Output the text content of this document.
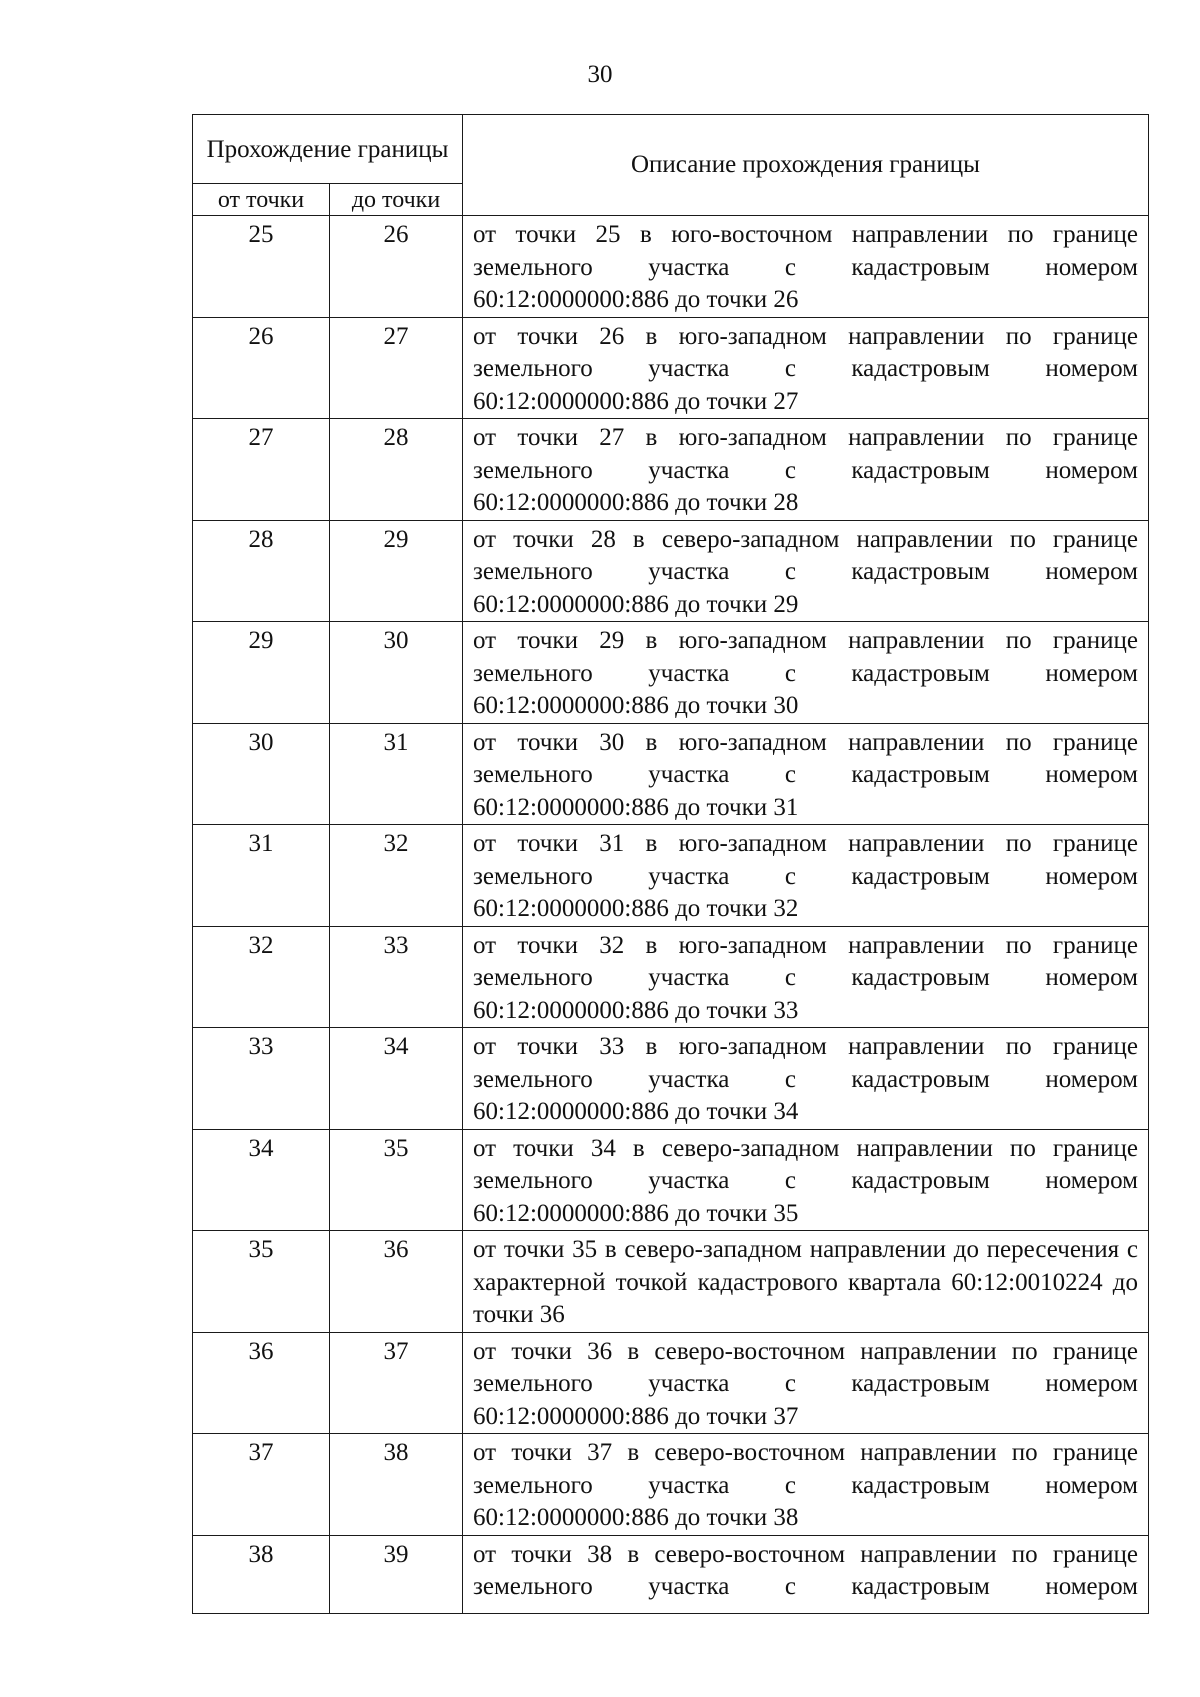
30
Прохождение границы		Описание прохождения границы
от точки	до точки	
25	26	от точки 25 в юго-восточном направлении по границе земельного участка с кадастровым номером 60:12:0000000:886 до точки 26
26	27	от точки 26 в юго-западном направлении по границе земельного участка с кадастровым номером 60:12:0000000:886 до точки 27
27	28	от точки 27 в юго-западном направлении по границе земельного участка с кадастровым номером 60:12:0000000:886 до точки 28
28	29	от точки 28 в северо-западном направлении по границе земельного участка с кадастровым номером 60:12:0000000:886 до точки 29
29	30	от точки 29 в юго-западном направлении по границе земельного участка с кадастровым номером 60:12:0000000:886 до точки 30
30	31	от точки 30 в юго-западном направлении по границе земельного участка с кадастровым номером 60:12:0000000:886 до точки 31
31	32	от точки 31 в юго-западном направлении по границе земельного участка с кадастровым номером 60:12:0000000:886 до точки 32
32	33	от точки 32 в юго-западном направлении по границе земельного участка с кадастровым номером 60:12:0000000:886 до точки 33
33	34	от точки 33 в юго-западном направлении по границе земельного участка с кадастровым номером 60:12:0000000:886 до точки 34
34	35	от точки 34 в северо-западном направлении по границе земельного участка с кадастровым номером 60:12:0000000:886 до точки 35
35	36	от точки 35 в северо-западном направлении до пересечения с характерной точкой кадастрового квартала 60:12:0010224 до точки 36
36	37	от точки 36 в северо-восточном направлении по границе земельного участка с кадастровым номером 60:12:0000000:886 до точки 37
37	38	от точки 37 в северо-восточном направлении по границе земельного участка с кадастровым номером 60:12:0000000:886 до точки 38
38	39	от точки 38 в северо-восточном направлении по границе земельного участка с кадастровым номером
